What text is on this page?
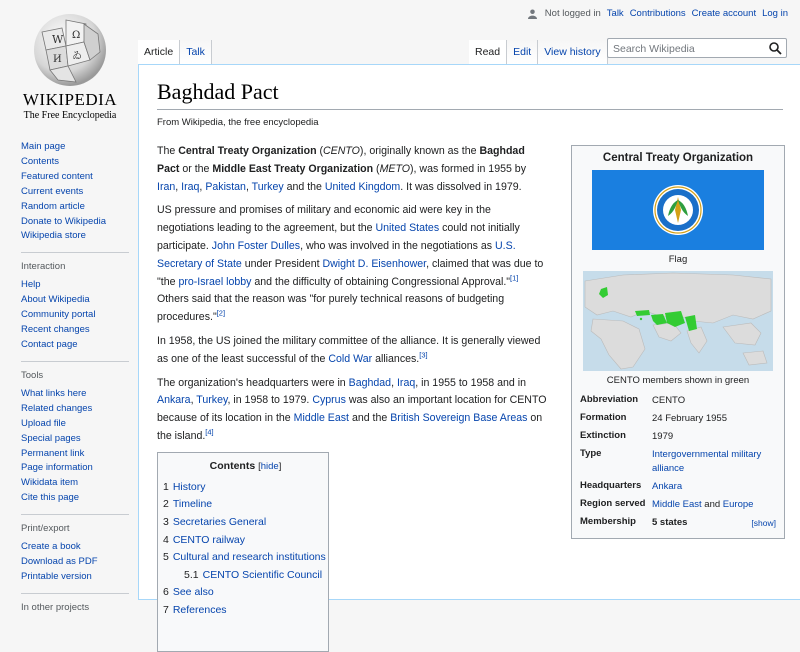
W Ω
ゐ
И
WIKIPEDIA
The Free Encyclopedia
Main page
Contents
Featured content
Current events
Random article
Donate to Wikipedia
Wikipedia store
Interaction
Help
About Wikipedia
Community portal
Recent changes
Contact page
Tools
What links here
Related changes
Upload file
Special pages
Permanent link
Page information
Wikidata item
Cite this page
Print/export
Create a book
Download as PDF
Printable version
In other projects
Not logged in Talk Contributions Create account Log in
Article	Talk	Read	Edit	View history
Search Wikipedia
Baghdad Pact
From Wikipedia, the free encyclopedia

The Central Treaty Organization (CENTO), originally known as the Baghdad Pact or the Middle East Treaty Organization (METO), was formed in 1955 by Iran, Iraq, Pakistan, Turkey and the United Kingdom. It was dissolved in 1979.

US pressure and promises of military and economic aid were key in the negotiations leading to the agreement, but the United States could not initially participate. John Foster Dulles, who was involved in the negotiations as U.S. Secretary of State under President Dwight D. Eisenhower, claimed that was due to "the pro-Israel lobby and the difficulty of obtaining Congressional Approval."[1] Others said that the reason was "for purely technical reasons of budgeting procedures."[2]

In 1958, the US joined the military committee of the alliance. It is generally viewed as one of the least successful of the Cold War alliances.[3]

The organization's headquarters were in Baghdad, Iraq, in 1955 to 1958 and in Ankara, Turkey, in 1958 to 1979. Cyprus was also an important location for CENTO because of its location in the Middle East and the British Sovereign Base Areas on the island.[4]

Contents [hide]
1 History
2 Timeline
3 Secretaries General
4 CENTO railway
5 Cultural and research institutions
5.1 CENTO Scientific Council
6 See also
7 References
Central Treaty Organization
Flag
CENTO members shown in green
Abbreviation	CENTO
Formation	24 February 1955
Extinction	1979
Type	Intergovernmental military alliance
Headquarters	Ankara
Region served	Middle East and Europe
Membership	5 states [show]
